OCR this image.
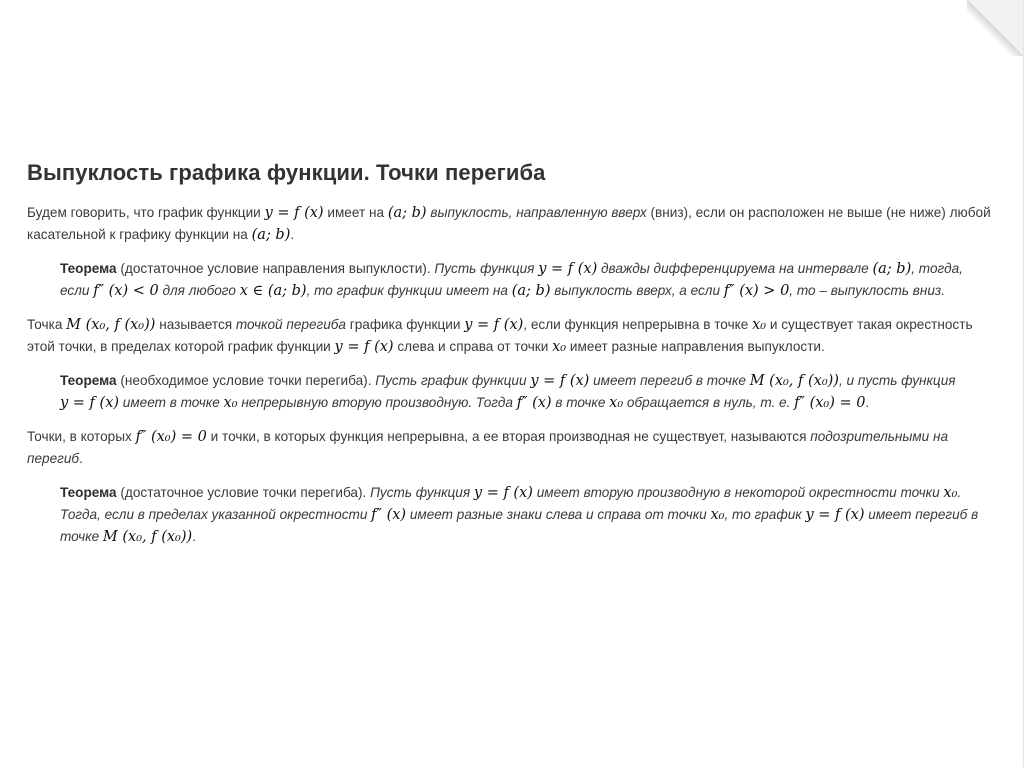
Выпуклость графика функции. Точки перегиба

Будем говорить, что график функции y = f (x) имеет на (a; b) выпуклость, направленную вверх (вниз), если он расположен не выше (не ниже) любой касательной к графику функции на (a; b).

Теорема (достаточное условие направления выпуклости). Пусть функция y = f (x) дважды дифференцируема на интервале (a; b), тогда, если f″ (x) < 0 для любого x ∈ (a; b), то график функции имеет на (a; b) выпуклость вверх, а если f″ (x) > 0, то – выпуклость вниз.

Точка M (x₀, f (x₀)) называется точкой перегиба графика функции y = f (x), если функция непрерывна в точке x₀ и существует такая окрестность этой точки, в пределах которой график функции y = f (x) слева и справа от точки x₀ имеет разные направления выпуклости.

Теорема (необходимое условие точки перегиба). Пусть график функции y = f (x) имеет перегиб в точке M (x₀, f (x₀)), и пусть функция y = f (x) имеет в точке x₀ непрерывную вторую производную. Тогда f″ (x) в точке x₀ обращается в нуль, т. е. f″ (x₀) = 0.

Точки, в которых f″ (x₀) = 0 и точки, в которых функция непрерывна, а ее вторая производная не существует, называются подозрительными на перегиб.

Теорема (достаточное условие точки перегиба). Пусть функция y = f (x) имеет вторую производную в некоторой окрестности точки x₀. Тогда, если в пределах указанной окрестности f″ (x) имеет разные знаки слева и справа от точки x₀, то график y = f (x) имеет перегиб в точке M (x₀, f (x₀)).
